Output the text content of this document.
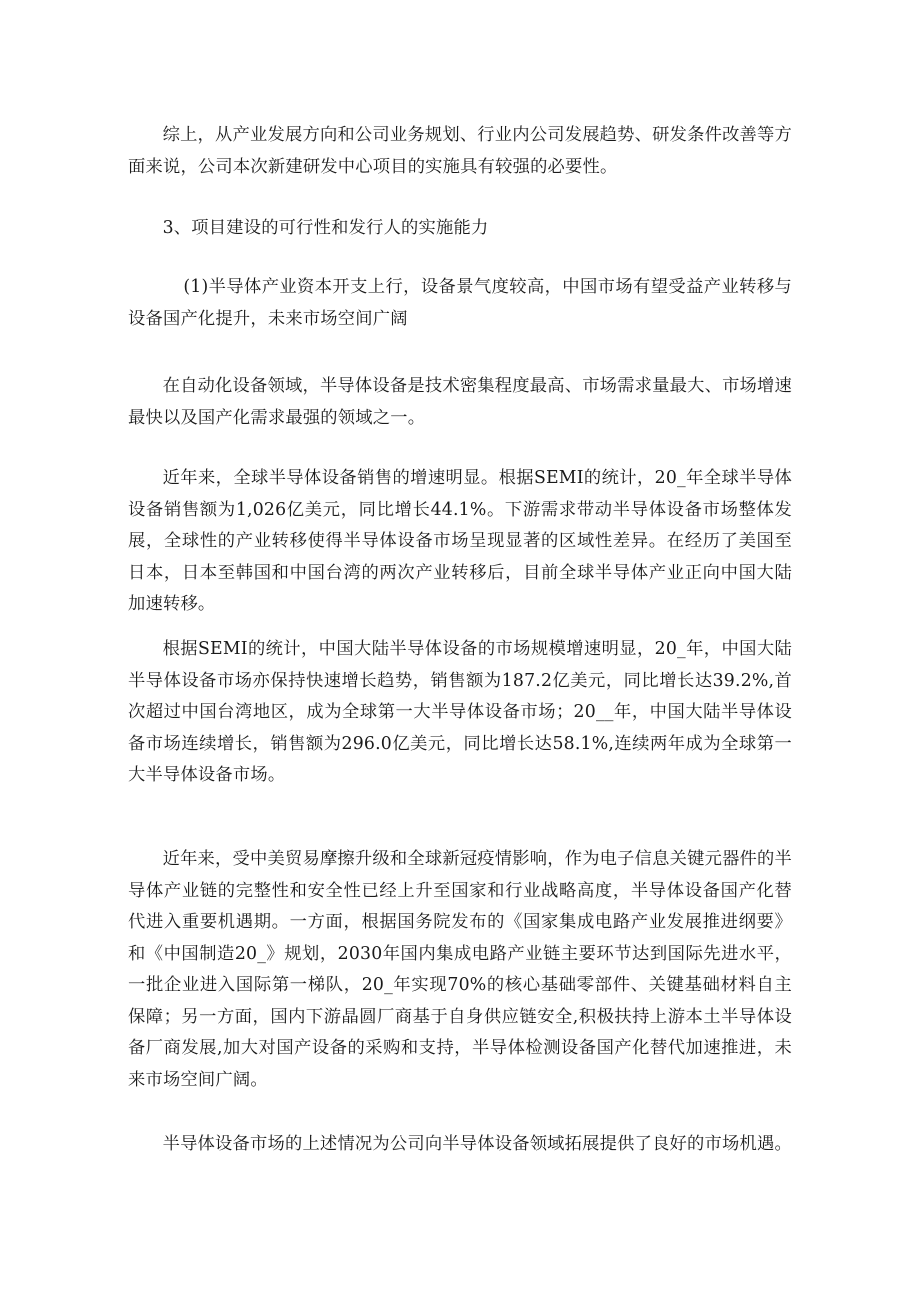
综上，从产业发展方向和公司业务规划、行业内公司发展趋势、研发条件改善等方面来说，公司本次新建研发中心项目的实施具有较强的必要性。

3、项目建设的可行性和发行人的实施能力

(1)半导体产业资本开支上行，设备景气度较高，中国市场有望受益产业转移与设备国产化提升，未来市场空间广阔

在自动化设备领域，半导体设备是技术密集程度最高、市场需求量最大、市场增速最快以及国产化需求最强的领域之一。

近年来，全球半导体设备销售的增速明显。根据SEMI的统计，20_年全球半导体设备销售额为1,026亿美元，同比增长44.1%。下游需求带动半导体设备市场整体发展，全球性的产业转移使得半导体设备市场呈现显著的区域性差异。在经历了美国至日本，日本至韩国和中国台湾的两次产业转移后，目前全球半导体产业正向中国大陆加速转移。

根据SEMI的统计，中国大陆半导体设备的市场规模增速明显，20_年，中国大陆半导体设备市场亦保持快速增长趋势，销售额为187.2亿美元，同比增长达39.2%,首次超过中国台湾地区，成为全球第一大半导体设备市场；20__年，中国大陆半导体设备市场连续增长，销售额为296.0亿美元，同比增长达58.1%,连续两年成为全球第一大半导体设备市场。

近年来，受中美贸易摩擦升级和全球新冠疫情影响，作为电子信息关键元器件的半导体产业链的完整性和安全性已经上升至国家和行业战略高度，半导体设备国产化替代进入重要机遇期。一方面，根据国务院发布的《国家集成电路产业发展推进纲要》和《中国制造20_》规划，2030年国内集成电路产业链主要环节达到国际先进水平，一批企业进入国际第一梯队，20_年实现70%的核心基础零部件、关键基础材料自主保障；另一方面，国内下游晶圆厂商基于自身供应链安全,积极扶持上游本土半导体设备厂商发展,加大对国产设备的采购和支持，半导体检测设备国产化替代加速推进，未来市场空间广阔。

半导体设备市场的上述情况为公司向半导体设备领域拓展提供了良好的市场机遇。
